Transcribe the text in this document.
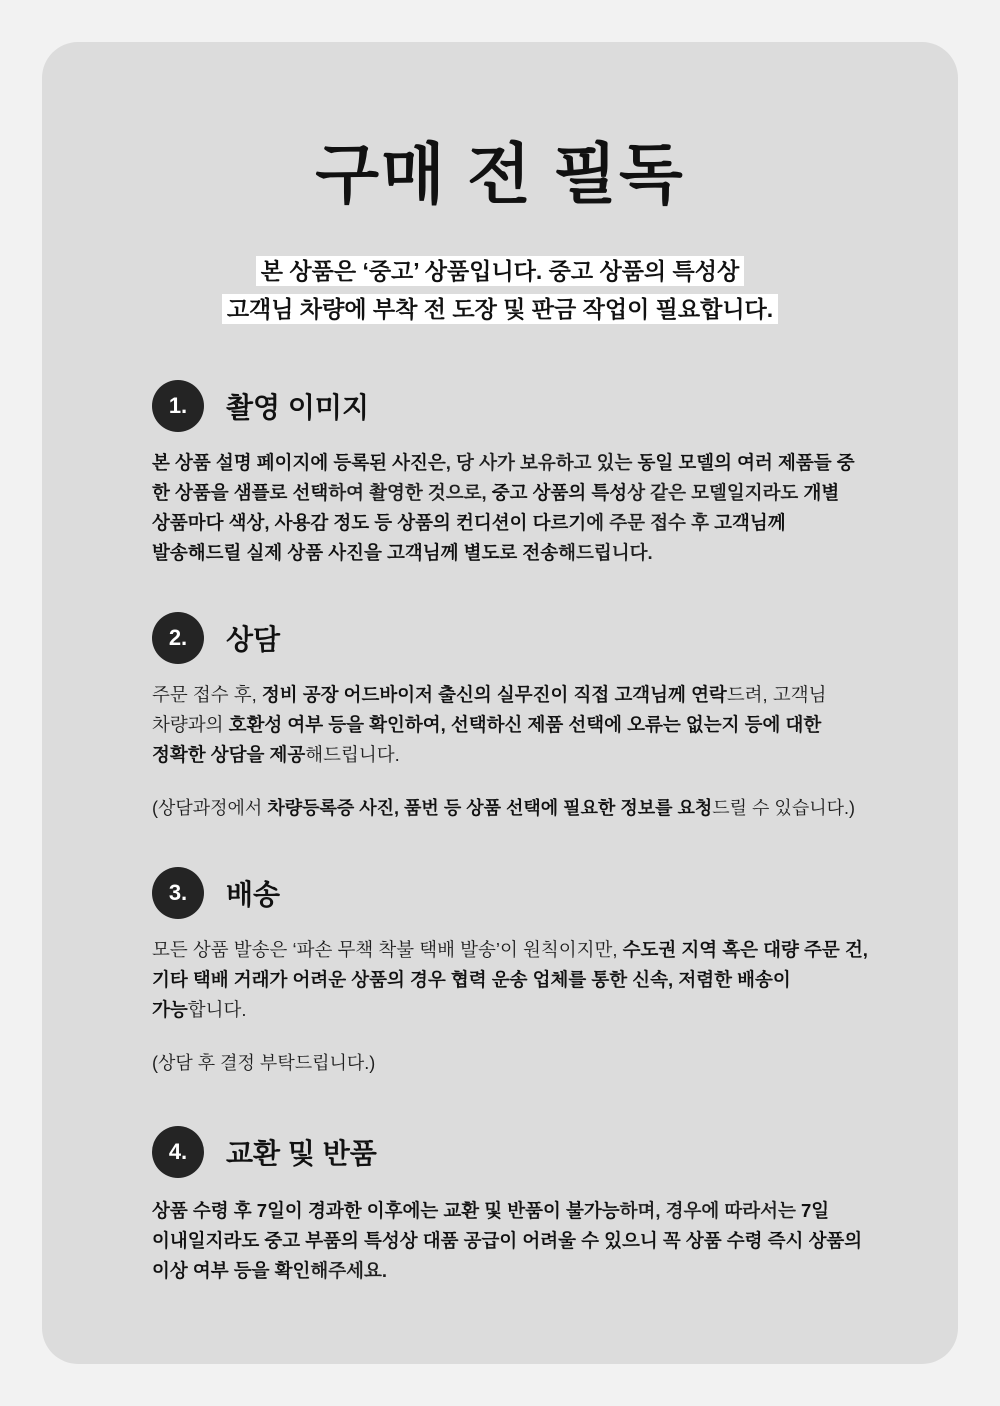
구매 전 필독
본 상품은 ‘중고’ 상품입니다. 중고 상품의 특성상
고객님 차량에 부착 전 도장 및 판금 작업이 필요합니다.
1.	촬영 이미지

본 상품 설명 페이지에 등록된 사진은, 당 사가 보유하고 있는 동일 모델의 여러 제품들 중 한 상품을 샘플로 선택하여 촬영한 것으로, 중고 상품의 특성상 같은 모델일지라도 개별 상품마다 색상, 사용감 정도 등 상품의 컨디션이 다르기에 주문 접수 후 고객님께 발송해드릴 실제 상품 사진을 고객님께 별도로 전송해드립니다.

2.	상담

주문 접수 후, 정비 공장 어드바이저 출신의 실무진이 직접 고객님께 연락드려, 고객님 차량과의 호환성 여부 등을 확인하여, 선택하신 제품 선택에 오류는 없는지 등에 대한 정확한 상담을 제공해드립니다.

(상담과정에서 차량등록증 사진, 품번 등 상품 선택에 필요한 정보를 요청드릴 수 있습니다.)

3.	배송

모든 상품 발송은 ‘파손 무책 착불 택배 발송’이 원칙이지만, 수도권 지역 혹은 대량 주문 건, 기타 택배 거래가 어려운 상품의 경우 협력 운송 업체를 통한 신속, 저렴한 배송이 가능합니다.

(상담 후 결정 부탁드립니다.)

4.	교환 및 반품

상품 수령 후 7일이 경과한 이후에는 교환 및 반품이 불가능하며, 경우에 따라서는 7일 이내일지라도 중고 부품의 특성상 대품 공급이 어려울 수 있으니 꼭 상품 수령 즉시 상품의 이상 여부 등을 확인해주세요.
